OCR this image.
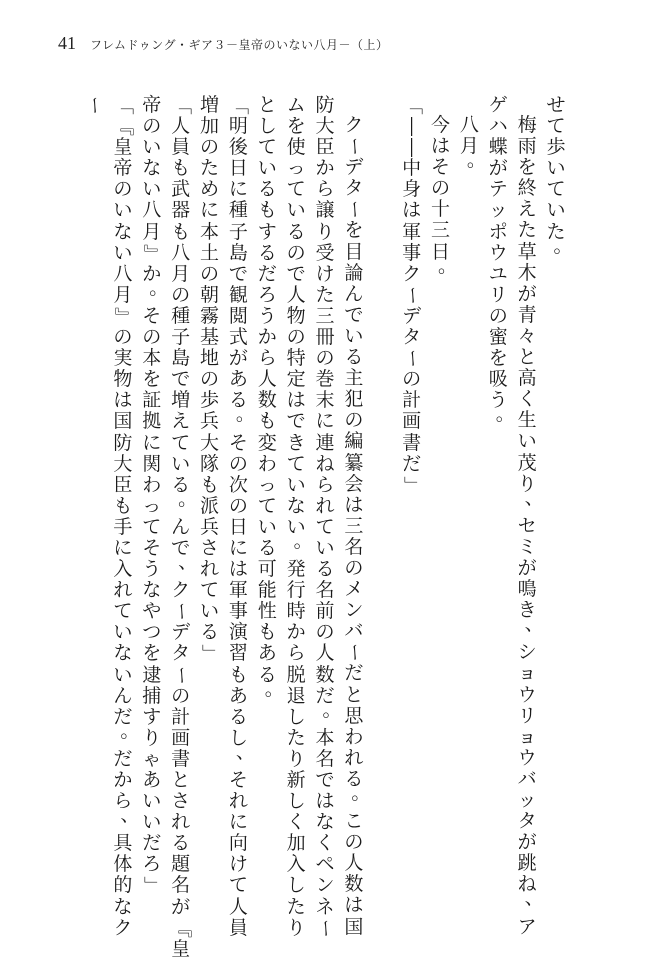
41 フレムドゥング・ギア３－皇帝のいない八月－（上）
せ
て
歩
い
て
い
た
。
梅
雨
を
終
え
た
草
木
が
青
々
と
高
く
生
い
茂
り
、
セ
ミ
が
鳴
き
、
シ
ョ
ウ
リ
ョ
ウ
バ
ッ
タ
が
跳
ね
、
ア
ゲ
ハ
蝶
が
テ
ッ
ポ
ウ
ユ
リ
の
蜜
を
吸
う
。
八
月
。
今
は
そ
の
十
三
日
。
「
―
―
中
身
は
軍
事
ク
ー
デ
タ
ー
の
計
画
書
だ
」
ク
ー
デ
タ
ー
を
目
論
ん
で
い
る
主
犯
の
編
纂
会
は
三
名
の
メ
ン
バ
ー
だ
と
思
わ
れ
る
。
こ
の
人
数
は
国
防
大
臣
か
ら
譲
り
受
け
た
三
冊
の
巻
末
に
連
ね
ら
れ
て
い
る
名
前
の
人
数
だ
。
本
名
で
は
な
く
ペ
ン
ネ
ー
ム
を
使
っ
て
い
る
の
で
人
物
の
特
定
は
で
き
て
い
な
い
。
発
行
時
か
ら
脱
退
し
た
り
新
し
く
加
入
し
た
り
と
し
て
い
る
も
す
る
だ
ろ
う
か
ら
人
数
も
変
わ
っ
て
い
る
可
能
性
も
あ
る
。
「
明
後
日
に
種
子
島
で
観
閲
式
が
あ
る
。
そ
の
次
の
日
に
は
軍
事
演
習
も
あ
る
し
、
そ
れ
に
向
け
て
人
員
増
加
の
た
め
に
本
土
の
朝
霧
基
地
の
歩
兵
大
隊
も
派
兵
さ
れ
て
い
る
」
「
人
員
も
武
器
も
八
月
の
種
子
島
で
増
え
て
い
る
。
ん
で
、
ク
ー
デ
タ
ー
の
計
画
書
と
さ
れ
る
題
名
が
『
皇
帝
の
い
な
い
八
月
』
か
。
そ
の
本
を
証
拠
に
関
わ
っ
て
そ
う
な
や
つ
を
逮
捕
す
り
ゃ
あ
い
い
だ
ろ
」
「
『
皇
帝
の
い
な
い
八
月
』
の
実
物
は
国
防
大
臣
も
手
に
入
れ
て
い
な
い
ん
だ
。
だ
か
ら
、
具
体
的
な
ク
ー
